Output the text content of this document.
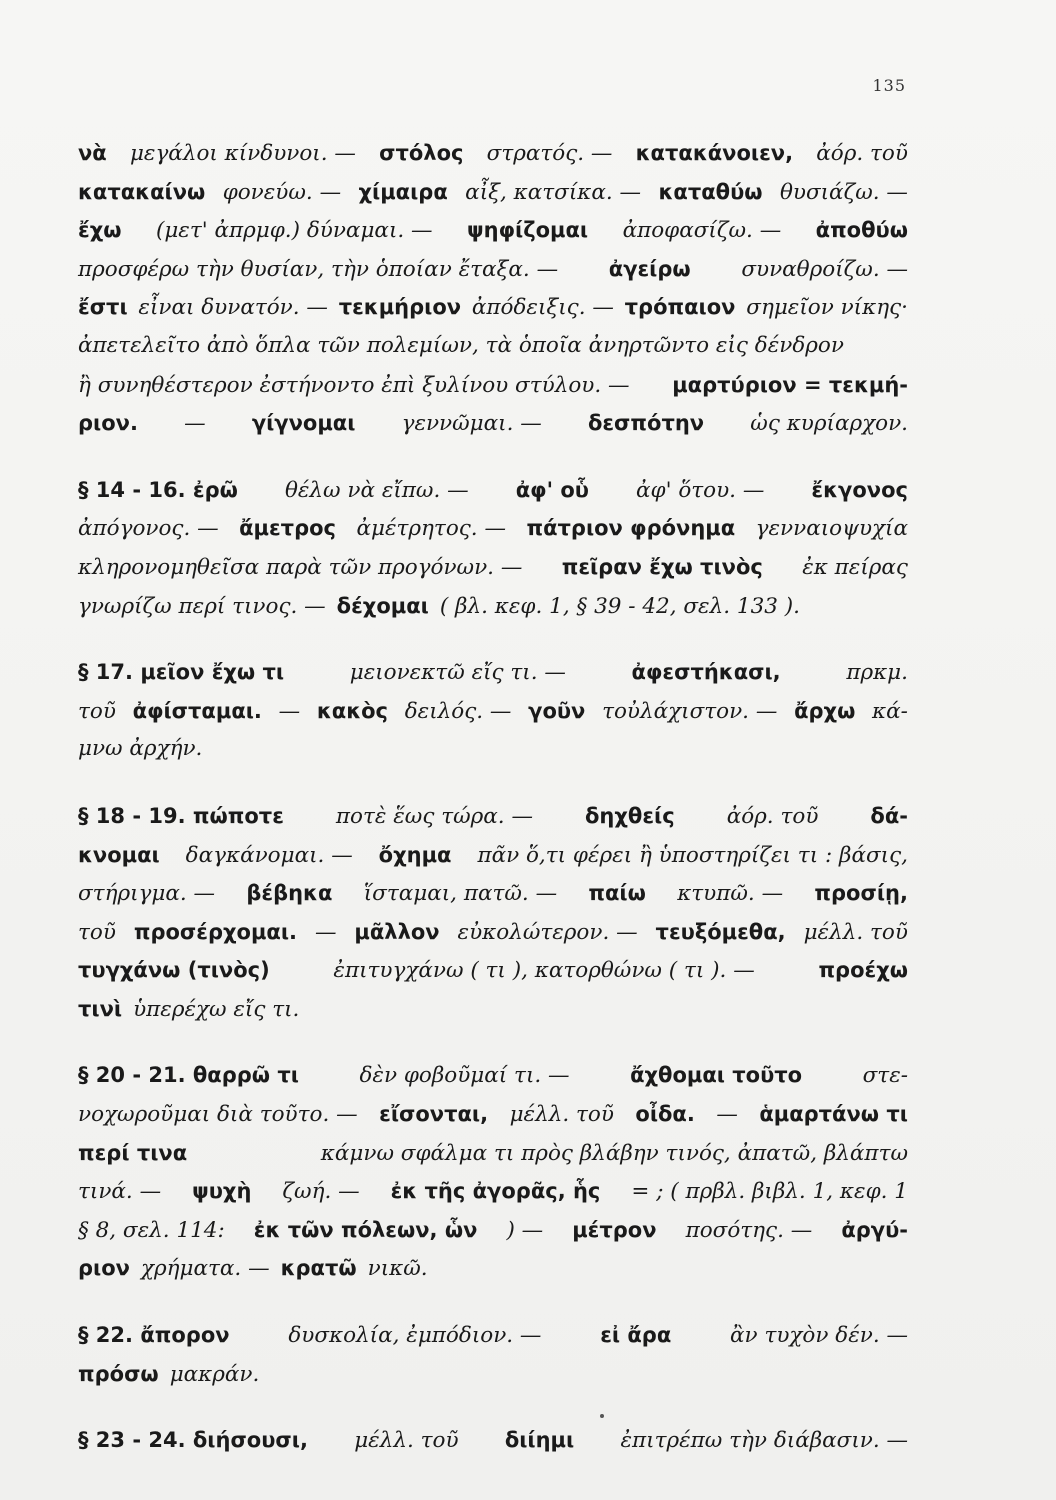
135
νὰ μεγάλοι κίνδυνοι. — στόλος στρατός. — κατακάνοιεν, ἀόρ. τοῦ
κατακαίνω φονεύω. — χίμαιρα αἶξ, κατσίκα. — καταθύω θυσιάζω. —
ἔχω (μετ' ἀπρμφ.) δύναμαι. — ψηφίζομαι ἀποφασίζω. — ἀποθύω
προσφέρω τὴν θυσίαν, τὴν ὁποίαν ἔταξα. — ἀγείρω συναθροίζω. —
ἔστι εἶναι δυνατόν. — τεκμήριον ἀπόδειξις. — τρόπαιον σημεῖον νίκης·
ἀπετελεῖτο ἀπὸ ὅπλα τῶν πολεμίων, τὰ ὁποῖα ἀνηρτῶντο εἰς δένδρον
ἢ συνηθέστερον ἐστήνοντο ἐπὶ ξυλίνου στύλου. — μαρτύριον = τεκμή-
ριον. — γίγνομαι γεννῶμαι. — δεσπότην ὡς κυρίαρχον.
§ 14 - 16. ἐρῶ θέλω νὰ εἴπω. — ἀφ' οὗ ἀφ' ὅτου. — ἔκγονος
ἀπόγονος. — ἄμετρος ἀμέτρητος. — πάτριον φρόνημα γενναιοψυχία
κληρονομηθεῖσα παρὰ τῶν προγόνων. — πεῖραν ἔχω τινὸς ἐκ πείρας
γνωρίζω περί τινος. — δέχομαι ( βλ. κεφ. 1, § 39 - 42, σελ. 133 ).
§ 17. μεῖον ἔχω τι	μειονεκτῶ εἴς τι. —	ἀφεστήκασι,	πρκμ.
τοῦ ἀφίσταμαι. — κακὸς δειλός. — γοῦν τοὐλάχιστον. — ἄρχω κά-
μνω ἀρχήν.
§ 18 - 19. πώποτε ποτὲ ἕως τώρα. — δηχθείς ἀόρ. τοῦ δά-
κνομαι δαγκάνομαι. — ὄχημα πᾶν ὅ,τι φέρει ἢ ὑποστηρίζει τι : βάσις,
στήριγμα. — βέβηκα ἵσταμαι, πατῶ. — παίω κτυπῶ. — προσίῃ,
τοῦ προσέρχομαι. — μᾶλλον εὐκολώτερον. — τευξόμεθα, μέλλ. τοῦ
τυγχάνω (τινὸς)	ἐπιτυγχάνω ( τι ), κατορθώνω ( τι ). —	προέχω
τινὶ ὑπερέχω εἴς τι.
§ 20 - 21. θαρρῶ τι	δὲν φοβοῦμαί τι. —	ἄχθομαι τοῦτο	στε-
νοχωροῦμαι διὰ τοῦτο. — εἴσονται, μέλλ. τοῦ οἶδα. — ἁμαρτάνω τι
περί τινα	κάμνω σφάλμα τι πρὸς βλάβην τινός, ἀπατῶ, βλάπτω
τινά. — ψυχὴ ζωή. — ἐκ τῆς ἀγορᾶς, ἧς = ; ( πρβλ. βιβλ. 1, κεφ. 1
§ 8, σελ. 114: ἐκ τῶν πόλεων, ὧν ) — μέτρον ποσότης. — ἀργύ-
ριον χρήματα. — κρατῶ νικῶ.
§ 22. ἄπορον	δυσκολία, ἐμπόδιον. —	εἰ ἄρα	ἂν τυχὸν δέν. —
πρόσω μακράν.
§ 23 - 24. διήσουσι, μέλλ. τοῦ διίημι ἐπιτρέπω τὴν διάβασιν. —
